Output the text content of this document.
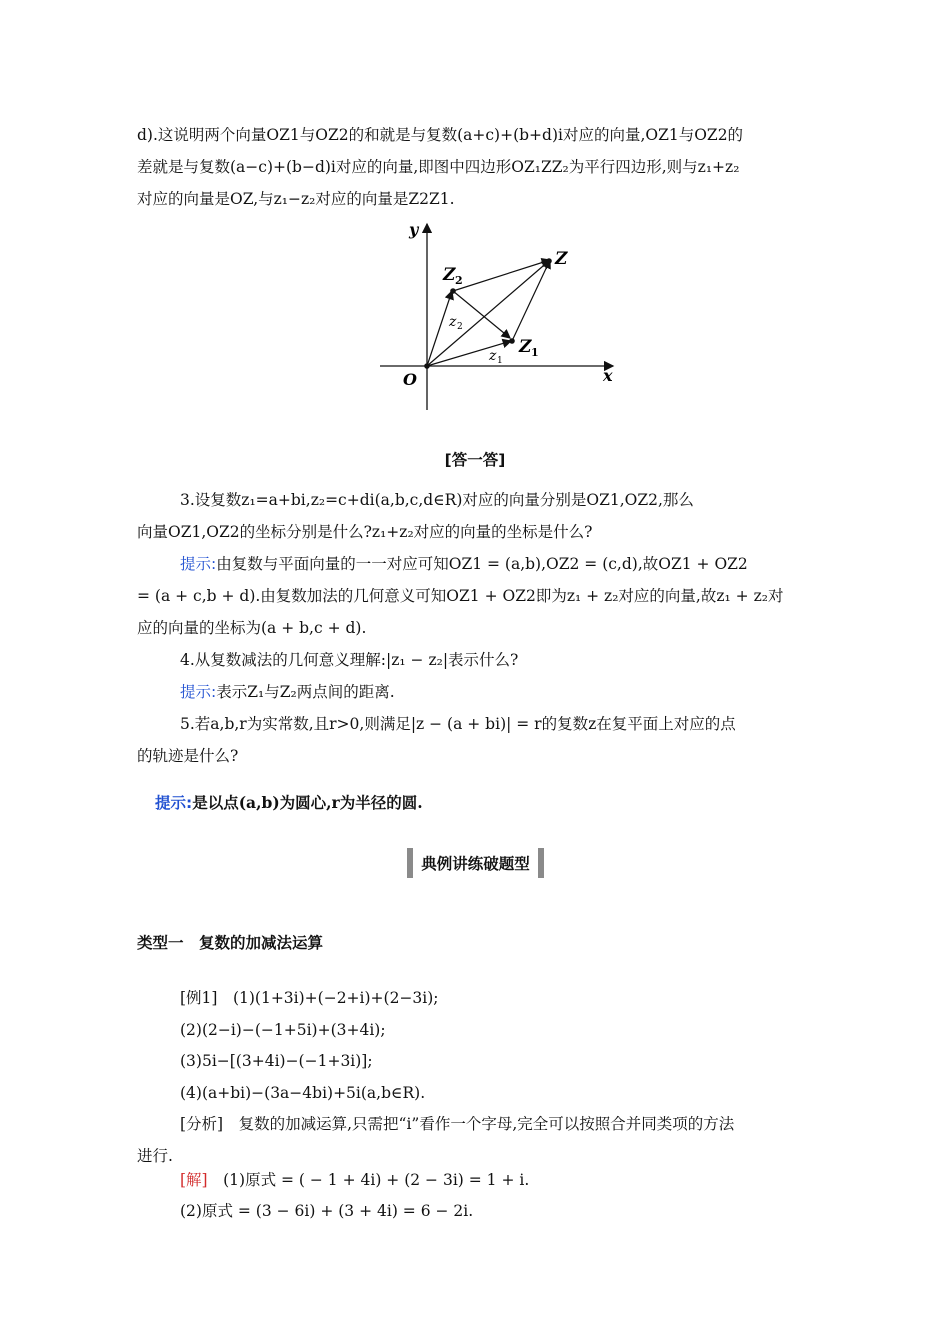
d).这说明两个向量OZ1与OZ2的和就是与复数(a+c)+(b+d)i对应的向量,OZ1与OZ2的
差就是与复数(a−c)+(b−d)i对应的向量,即图中四边形OZ₁ZZ₂为平行四边形,则与z₁+z₂
对应的向量是OZ,与z₁−z₂对应的向量是Z2Z1.
x
y
O
Z
Z 1
Z 2
z 1
z 2
[答一答]
3.设复数z₁=a+bi,z₂=c+di(a,b,c,d∈R)对应的向量分别是OZ1,OZ2,那么
向量OZ1,OZ2的坐标分别是什么?z₁+z₂对应的向量的坐标是什么?
提示:由复数与平面向量的一一对应可知OZ1 = (a,b),OZ2 = (c,d),故OZ1 + OZ2
= (a + c,b + d).由复数加法的几何意义可知OZ1 + OZ2即为z₁ + z₂对应的向量,故z₁ + z₂对
应的向量的坐标为(a + b,c + d).
4.从复数减法的几何意义理解:|z₁ − z₂|表示什么?
提示:表示Z₁与Z₂两点间的距离.
5.若a,b,r为实常数,且r>0,则满足|z − (a + bi)| = r的复数z在复平面上对应的点
的轨迹是什么?
提示:是以点(a,b)为圆心,r为半径的圆.
典例讲练破题型
类型一　复数的加减法运算
[例1]　(1)(1+3i)+(−2+i)+(2−3i);
(2)(2−i)−(−1+5i)+(3+4i);
(3)5i−[(3+4i)−(−1+3i)];
(4)(a+bi)−(3a−4bi)+5i(a,b∈R).
[分析]　复数的加减运算,只需把“i”看作一个字母,完全可以按照合并同类项的方法
进行.
[解]　(1)原式 = ( − 1 + 4i) + (2 − 3i) = 1 + i.
(2)原式 = (3 − 6i) + (3 + 4i) = 6 − 2i.
